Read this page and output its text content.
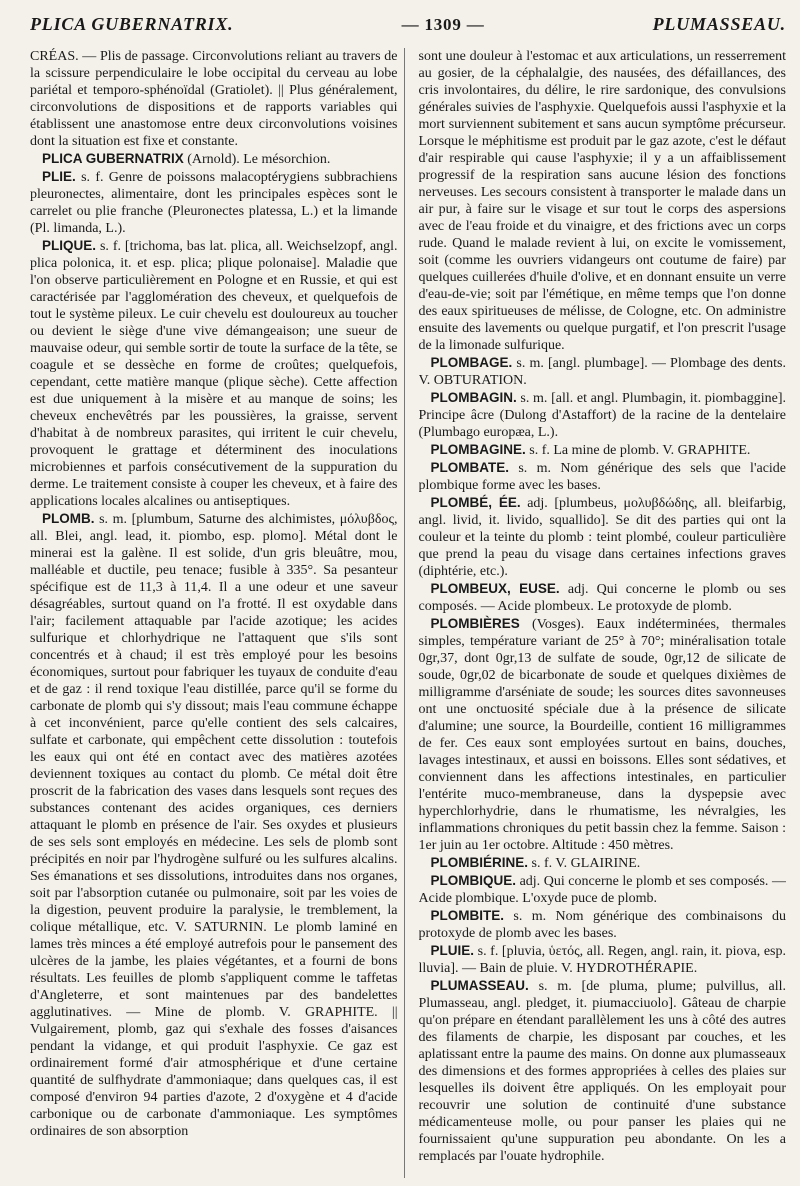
PLICA GUBERNATRIX.	— 1309 —	PLUMASSEAU.

CRÉAS. — Plis de passage. Circonvolutions reliant au travers de la scissure perpendiculaire le lobe occipital du cerveau au lobe pariétal et temporo-sphénoïdal (Gratiolet). || Plus généralement, circonvolutions de dispositions et de rapports variables qui établissent une anastomose entre deux circonvolutions voisines dont la situation est fixe et constante.

PLICA GUBERNATRIX (Arnold). Le mésorchion.

PLIE. s. f. Genre de poissons malacoptérygiens subbrachiens pleuronectes, alimentaire, dont les principales espèces sont le carrelet ou plie franche (Pleuronectes platessa, L.) et la limande (Pl. limanda, L.).

PLIQUE. s. f. [trichoma, bas lat. plica, all. Weichselzopf, angl. plica polonica, it. et esp. plica; plique polonaise]. Maladie que l'on observe particulièrement en Pologne et en Russie, et qui est caractérisée par l'agglomération des cheveux, et quelquefois de tout le système pileux. Le cuir chevelu est douloureux au toucher ou devient le siège d'une vive démangeaison; une sueur de mauvaise odeur, qui semble sortir de toute la surface de la tête, se coagule et se dessèche en forme de croûtes; quelquefois, cependant, cette matière manque (plique sèche). Cette affection est due uniquement à la misère et au manque de soins; les cheveux enchevêtrés par les poussières, la graisse, servent d'habitat à de nombreux parasites, qui irritent le cuir chevelu, provoquent le grattage et déterminent des inoculations microbiennes et parfois consécutivement de la suppuration du derme. Le traitement consiste à couper les cheveux, et à faire des applications locales alcalines ou antiseptiques.

PLOMB. s. m. [plumbum, Saturne des alchimistes, μόλυβδος, all. Blei, angl. lead, it. piombo, esp. plomo]. Métal dont le minerai est la galène. Il est solide, d'un gris bleuâtre, mou, malléable et ductile, peu tenace; fusible à 335°. Sa pesanteur spécifique est de 11,3 à 11,4. Il a une odeur et une saveur désagréables, surtout quand on l'a frotté. Il est oxydable dans l'air; facilement attaquable par l'acide azotique; les acides sulfurique et chlorhydrique ne l'attaquent que s'ils sont concentrés et à chaud; il est très employé pour les besoins économiques, surtout pour fabriquer les tuyaux de conduite d'eau et de gaz : il rend toxique l'eau distillée, parce qu'il se forme du carbonate de plomb qui s'y dissout; mais l'eau commune échappe à cet inconvénient, parce qu'elle contient des sels calcaires, sulfate et carbonate, qui empêchent cette dissolution : toutefois les eaux qui ont été en contact avec des matières azotées deviennent toxiques au contact du plomb. Ce métal doit être proscrit de la fabrication des vases dans lesquels sont reçues des substances contenant des acides organiques, ces derniers attaquant le plomb en présence de l'air. Ses oxydes et plusieurs de ses sels sont employés en médecine. Les sels de plomb sont précipités en noir par l'hydrogène sulfuré ou les sulfures alcalins. Ses émanations et ses dissolutions, introduites dans nos organes, soit par l'absorption cutanée ou pulmonaire, soit par les voies de la digestion, peuvent produire la paralysie, le tremblement, la colique métallique, etc. V. SATURNIN. Le plomb laminé en lames très minces a été employé autrefois pour le pansement des ulcères de la jambe, les plaies végétantes, et a fourni de bons résultats. Les feuilles de plomb s'appliquent comme le taffetas d'Angleterre, et sont maintenues par des bandelettes agglutinatives. — Mine de plomb. V. GRAPHITE. || Vulgairement, plomb, gaz qui s'exhale des fosses d'aisances pendant la vidange, et qui produit l'asphyxie. Ce gaz est ordinairement formé d'air atmosphérique et d'une certaine quantité de sulfhydrate d'ammoniaque; dans quelques cas, il est composé d'environ 94 parties d'azote, 2 d'oxygène et 4 d'acide carbonique ou de carbonate d'ammoniaque. Les symptômes ordinaires de son absorption

sont une douleur à l'estomac et aux articulations, un resserrement au gosier, de la céphalalgie, des nausées, des défaillances, des cris involontaires, du délire, le rire sardonique, des convulsions générales suivies de l'asphyxie. Quelquefois aussi l'asphyxie et la mort surviennent subitement et sans aucun symptôme précurseur. Lorsque le méphitisme est produit par le gaz azote, c'est le défaut d'air respirable qui cause l'asphyxie; il y a un affaiblissement progressif de la respiration sans aucune lésion des fonctions nerveuses. Les secours consistent à transporter le malade dans un air pur, à faire sur le visage et sur tout le corps des aspersions avec de l'eau froide et du vinaigre, et des frictions avec un corps rude. Quand le malade revient à lui, on excite le vomissement, soit (comme les ouvriers vidangeurs ont coutume de faire) par quelques cuillerées d'huile d'olive, et en donnant ensuite un verre d'eau-de-vie; soit par l'émétique, en même temps que l'on donne des eaux spiritueuses de mélisse, de Cologne, etc. On administre ensuite des lavements ou quelque purgatif, et l'on prescrit l'usage de la limonade sulfurique.

PLOMBAGE. s. m. [angl. plumbage]. — Plombage des dents. V. OBTURATION.

PLOMBAGIN. s. m. [all. et angl. Plumbagin, it. piombaggine]. Principe âcre (Dulong d'Astaffort) de la racine de la dentelaire (Plumbago europæa, L.).

PLOMBAGINE. s. f. La mine de plomb. V. GRAPHITE.

PLOMBATE. s. m. Nom générique des sels que l'acide plombique forme avec les bases.

PLOMBÉ, ÉE. adj. [plumbeus, μολυβδώδης, all. bleifarbig, angl. livid, it. livido, squallido]. Se dit des parties qui ont la couleur et la teinte du plomb : teint plombé, couleur particulière que prend la peau du visage dans certaines infections graves (diphtérie, etc.).

PLOMBEUX, EUSE. adj. Qui concerne le plomb ou ses composés. — Acide plombeux. Le protoxyde de plomb.

PLOMBIÈRES (Vosges). Eaux indéterminées, thermales simples, température variant de 25° à 70°; minéralisation totale 0gr,37, dont 0gr,13 de sulfate de soude, 0gr,12 de silicate de soude, 0gr,02 de bicarbonate de soude et quelques dixièmes de milligramme d'arséniate de soude; les sources dites savonneuses ont une onctuosité spéciale due à la présence de silicate d'alumine; une source, la Bourdeille, contient 16 milligrammes de fer. Ces eaux sont employées surtout en bains, douches, lavages intestinaux, et aussi en boissons. Elles sont sédatives, et conviennent dans les affections intestinales, en particulier l'entérite muco-membraneuse, dans la dyspepsie avec hyperchlorhydrie, dans le rhumatisme, les névralgies, les inflammations chroniques du petit bassin chez la femme. Saison : 1er juin au 1er octobre. Altitude : 450 mètres.

PLOMBIÉRINE. s. f. V. GLAIRINE.

PLOMBIQUE. adj. Qui concerne le plomb et ses composés. — Acide plombique. L'oxyde puce de plomb.

PLOMBITE. s. m. Nom générique des combinaisons du protoxyde de plomb avec les bases.

PLUIE. s. f. [pluvia, ὑετός, all. Regen, angl. rain, it. piova, esp. lluvia]. — Bain de pluie. V. HYDROTHÉRAPIE.

PLUMASSEAU. s. m. [de pluma, plume; pulvillus, all. Plumasseau, angl. pledget, it. piumacciuolo]. Gâteau de charpie qu'on prépare en étendant parallèlement les uns à côté des autres des filaments de charpie, les disposant par couches, et les aplatissant entre la paume des mains. On donne aux plumasseaux des dimensions et des formes appropriées à celles des plaies sur lesquelles ils doivent être appliqués. On les employait pour recouvrir une solution de continuité d'une substance médicamenteuse molle, ou pour panser les plaies qui ne fournissaient qu'une suppuration peu abondante. On les a remplacés par l'ouate hydrophile.
